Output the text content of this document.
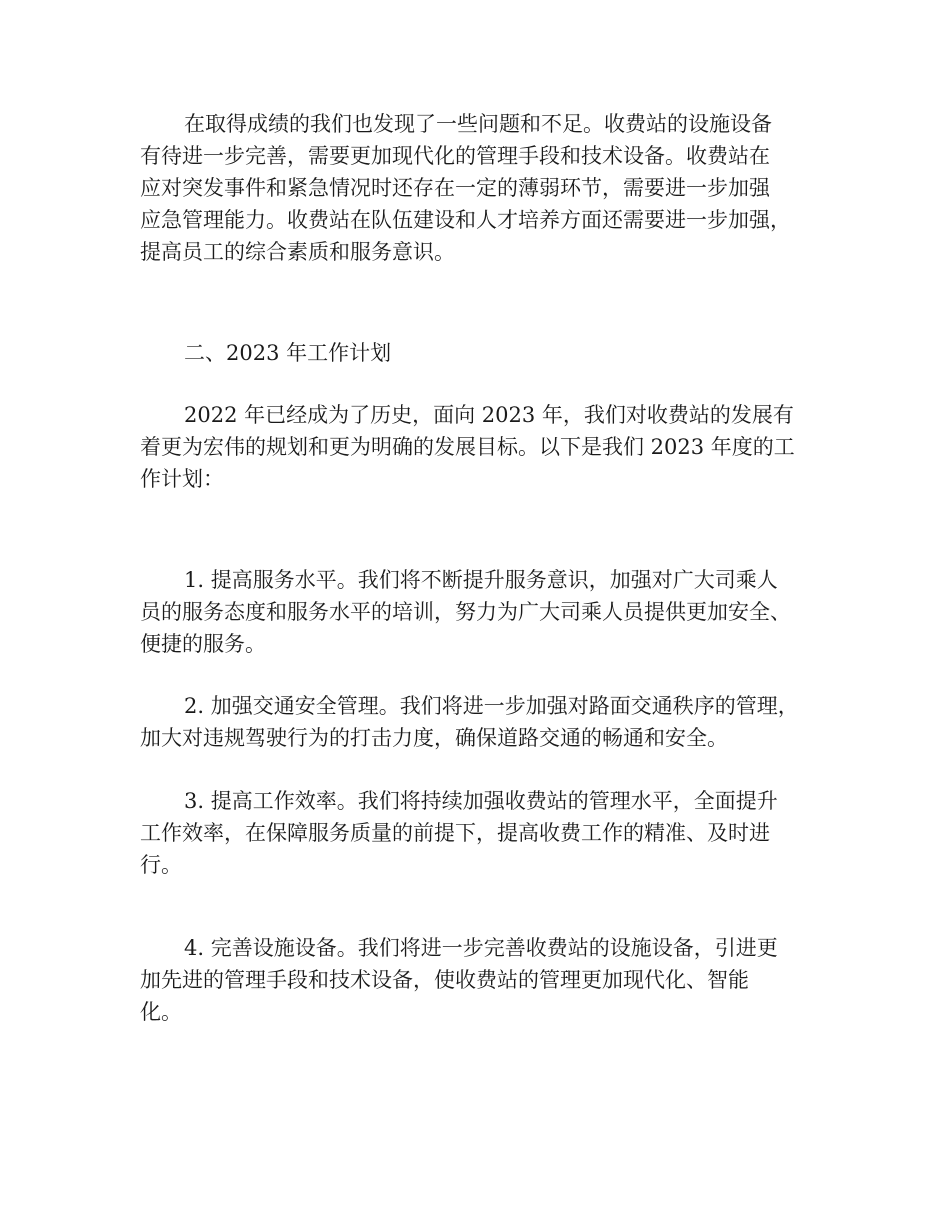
在取得成绩的我们也发现了一些问题和不足。收费站的设施设备
有待进一步完善，需要更加现代化的管理手段和技术设备。收费站在
应对突发事件和紧急情况时还存在一定的薄弱环节，需要进一步加强
应急管理能力。收费站在队伍建设和人才培养方面还需要进一步加强，
提高员工的综合素质和服务意识。
二、2023 年工作计划
2022 年已经成为了历史，面向 2023 年，我们对收费站的发展有
着更为宏伟的规划和更为明确的发展目标。以下是我们 2023 年度的工
作计划：
1. 提高服务水平。我们将不断提升服务意识，加强对广大司乘人
员的服务态度和服务水平的培训，努力为广大司乘人员提供更加安全、
便捷的服务。
2. 加强交通安全管理。我们将进一步加强对路面交通秩序的管理，
加大对违规驾驶行为的打击力度，确保道路交通的畅通和安全。
3. 提高工作效率。我们将持续加强收费站的管理水平，全面提升
工作效率，在保障服务质量的前提下，提高收费工作的精准、及时进
行。
4. 完善设施设备。我们将进一步完善收费站的设施设备，引进更
加先进的管理手段和技术设备，使收费站的管理更加现代化、智能
化。
